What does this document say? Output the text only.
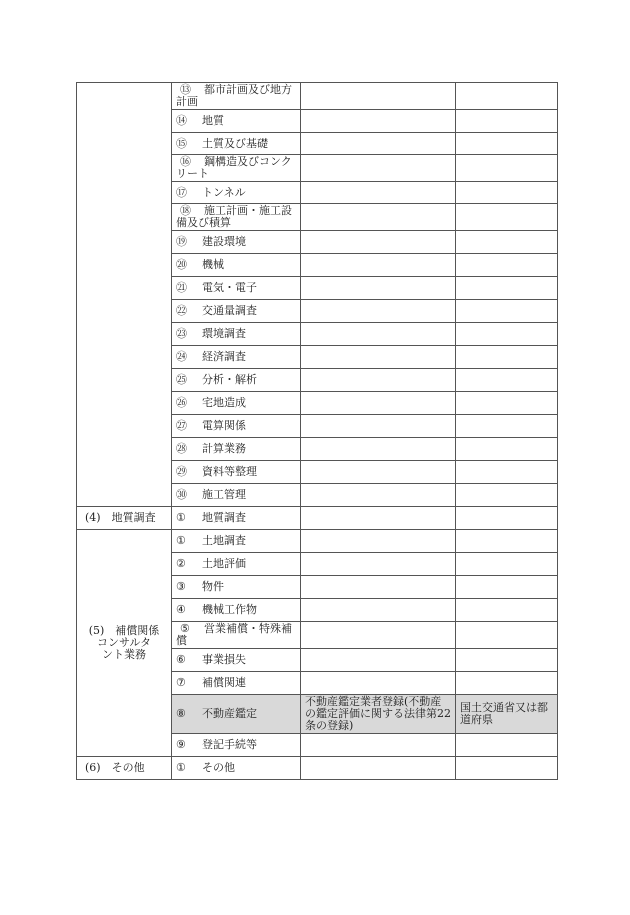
	⑬ 都市計画及び地方計画		
	⑭ 地質		
	⑮ 土質及び基礎		
	⑯ 鋼構造及びコンクリート		
	⑰ トンネル		
	⑱ 施工計画・施工設備及び積算		
	⑲ 建設環境		
	⑳ 機械		
	㉑ 電気・電子		
	㉒ 交通量調査		
	㉓ 環境調査		
	㉔ 経済調査		
	㉕ 分析・解析		
	㉖ 宅地造成		
	㉗ 電算関係		
	㉘ 計算業務		
	㉙ 資料等整理		
	㉚ 施工管理		
(4)　地質調査	① 地質調査		
(5)　補償関係
コンサルタ
ント業務	① 土地調査		
	② 土地評価		
	③ 物件		
	④ 機械工作物		
	⑤ 営業補償・特殊補償		
	⑥ 事業損失		
	⑦ 補償関連		
	⑧ 不動産鑑定	不動産鑑定業者登録(不動産の鑑定評価に関する法律第22条の登録)	国土交通省又は都道府県
	⑨ 登記手続等		
(6)　その他	① その他		
